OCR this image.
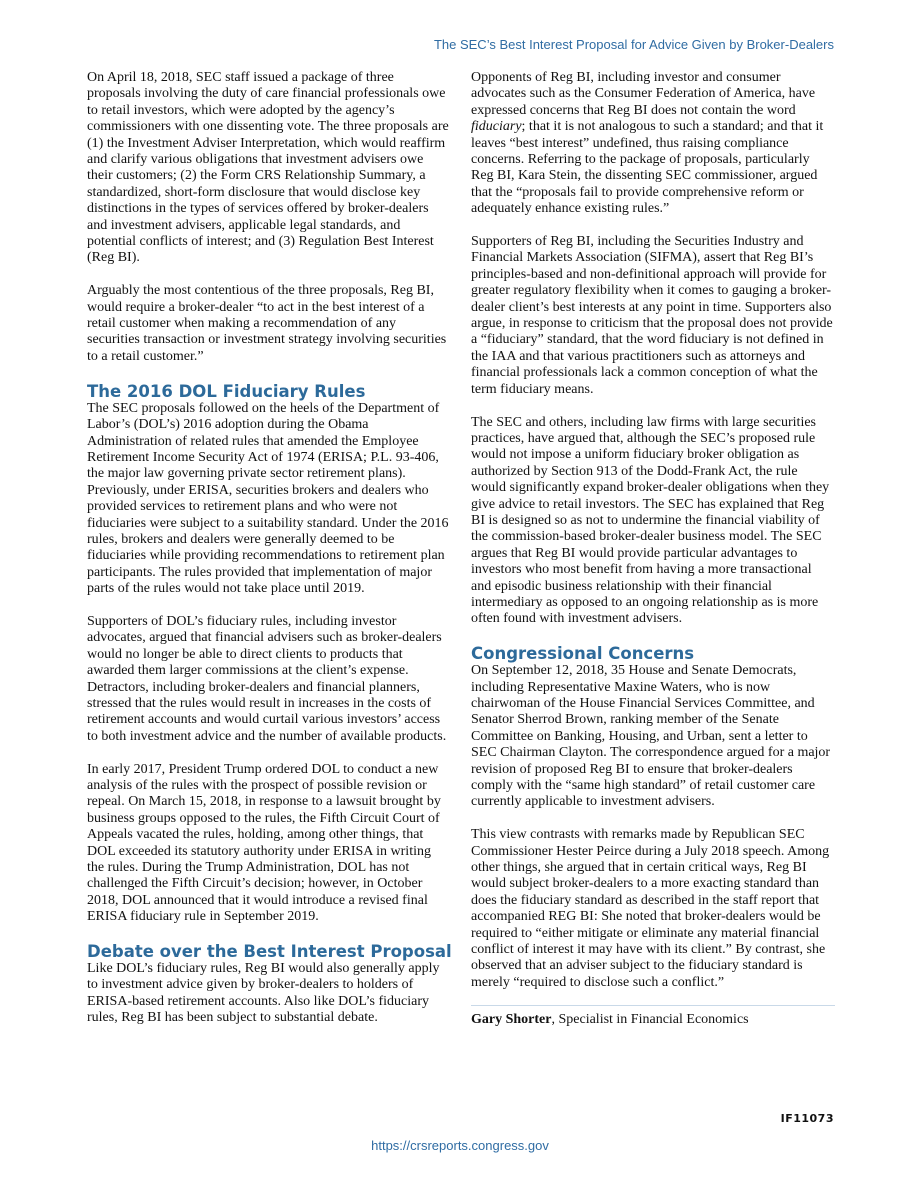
The SEC’s Best Interest Proposal for Advice Given by Broker-Dealers

On April 18, 2018, SEC staff issued a package of three proposals involving the duty of care financial professionals owe to retail investors, which were adopted by the agency’s commissioners with one dissenting vote. The three proposals are (1) the Investment Adviser Interpretation, which would reaffirm and clarify various obligations that investment advisers owe their customers; (2) the Form CRS Relationship Summary, a standardized, short-form disclosure that would disclose key distinctions in the types of services offered by broker-dealers and investment advisers, applicable legal standards, and potential conflicts of interest; and (3) Regulation Best Interest (Reg BI).

Arguably the most contentious of the three proposals, Reg BI, would require a broker-dealer “to act in the best interest of a retail customer when making a recommendation of any securities transaction or investment strategy involving securities to a retail customer.”

The 2016 DOL Fiduciary Rules

The SEC proposals followed on the heels of the Department of Labor’s (DOL’s) 2016 adoption during the Obama Administration of related rules that amended the Employee Retirement Income Security Act of 1974 (ERISA; P.L. 93-406, the major law governing private sector retirement plans). Previously, under ERISA, securities brokers and dealers who provided services to retirement plans and who were not fiduciaries were subject to a suitability standard. Under the 2016 rules, brokers and dealers were generally deemed to be fiduciaries while providing recommendations to retirement plan participants. The rules provided that implementation of major parts of the rules would not take place until 2019.

Supporters of DOL’s fiduciary rules, including investor advocates, argued that financial advisers such as broker-dealers would no longer be able to direct clients to products that awarded them larger commissions at the client’s expense. Detractors, including broker-dealers and financial planners, stressed that the rules would result in increases in the costs of retirement accounts and would curtail various investors’ access to both investment advice and the number of available products.

In early 2017, President Trump ordered DOL to conduct a new analysis of the rules with the prospect of possible revision or repeal. On March 15, 2018, in response to a lawsuit brought by business groups opposed to the rules, the Fifth Circuit Court of Appeals vacated the rules, holding, among other things, that DOL exceeded its statutory authority under ERISA in writing the rules. During the Trump Administration, DOL has not challenged the Fifth Circuit’s decision; however, in October 2018, DOL announced that it would introduce a revised final ERISA fiduciary rule in September 2019.

Debate over the Best Interest Proposal

Like DOL’s fiduciary rules, Reg BI would also generally apply to investment advice given by broker-dealers to holders of ERISA-based retirement accounts. Also like DOL’s fiduciary rules, Reg BI has been subject to substantial debate.

Opponents of Reg BI, including investor and consumer advocates such as the Consumer Federation of America, have expressed concerns that Reg BI does not contain the word fiduciary; that it is not analogous to such a standard; and that it leaves “best interest” undefined, thus raising compliance concerns. Referring to the package of proposals, particularly Reg BI, Kara Stein, the dissenting SEC commissioner, argued that the “proposals fail to provide comprehensive reform or adequately enhance existing rules.”

Supporters of Reg BI, including the Securities Industry and Financial Markets Association (SIFMA), assert that Reg BI’s principles-based and non-definitional approach will provide for greater regulatory flexibility when it comes to gauging a broker-dealer client’s best interests at any point in time. Supporters also argue, in response to criticism that the proposal does not provide a “fiduciary” standard, that the word fiduciary is not defined in the IAA and that various practitioners such as attorneys and financial professionals lack a common conception of what the term fiduciary means.

The SEC and others, including law firms with large securities practices, have argued that, although the SEC’s proposed rule would not impose a uniform fiduciary broker obligation as authorized by Section 913 of the Dodd-Frank Act, the rule would significantly expand broker-dealer obligations when they give advice to retail investors. The SEC has explained that Reg BI is designed so as not to undermine the financial viability of the commission-based broker-dealer business model. The SEC argues that Reg BI would provide particular advantages to investors who most benefit from having a more transactional and episodic business relationship with their financial intermediary as opposed to an ongoing relationship as is more often found with investment advisers.

Congressional Concerns

On September 12, 2018, 35 House and Senate Democrats, including Representative Maxine Waters, who is now chairwoman of the House Financial Services Committee, and Senator Sherrod Brown, ranking member of the Senate Committee on Banking, Housing, and Urban, sent a letter to SEC Chairman Clayton. The correspondence argued for a major revision of proposed Reg BI to ensure that broker-dealers comply with the “same high standard” of retail customer care currently applicable to investment advisers.

This view contrasts with remarks made by Republican SEC Commissioner Hester Peirce during a July 2018 speech. Among other things, she argued that in certain critical ways, Reg BI would subject broker-dealers to a more exacting standard than does the fiduciary standard as described in the staff report that accompanied REG BI: She noted that broker-dealers would be required to “either mitigate or eliminate any material financial conflict of interest it may have with its client.” By contrast, she observed that an adviser subject to the fiduciary standard is merely “required to disclose such a conflict.”

Gary Shorter, Specialist in Financial Economics
IF11073
https://crsreports.congress.gov
